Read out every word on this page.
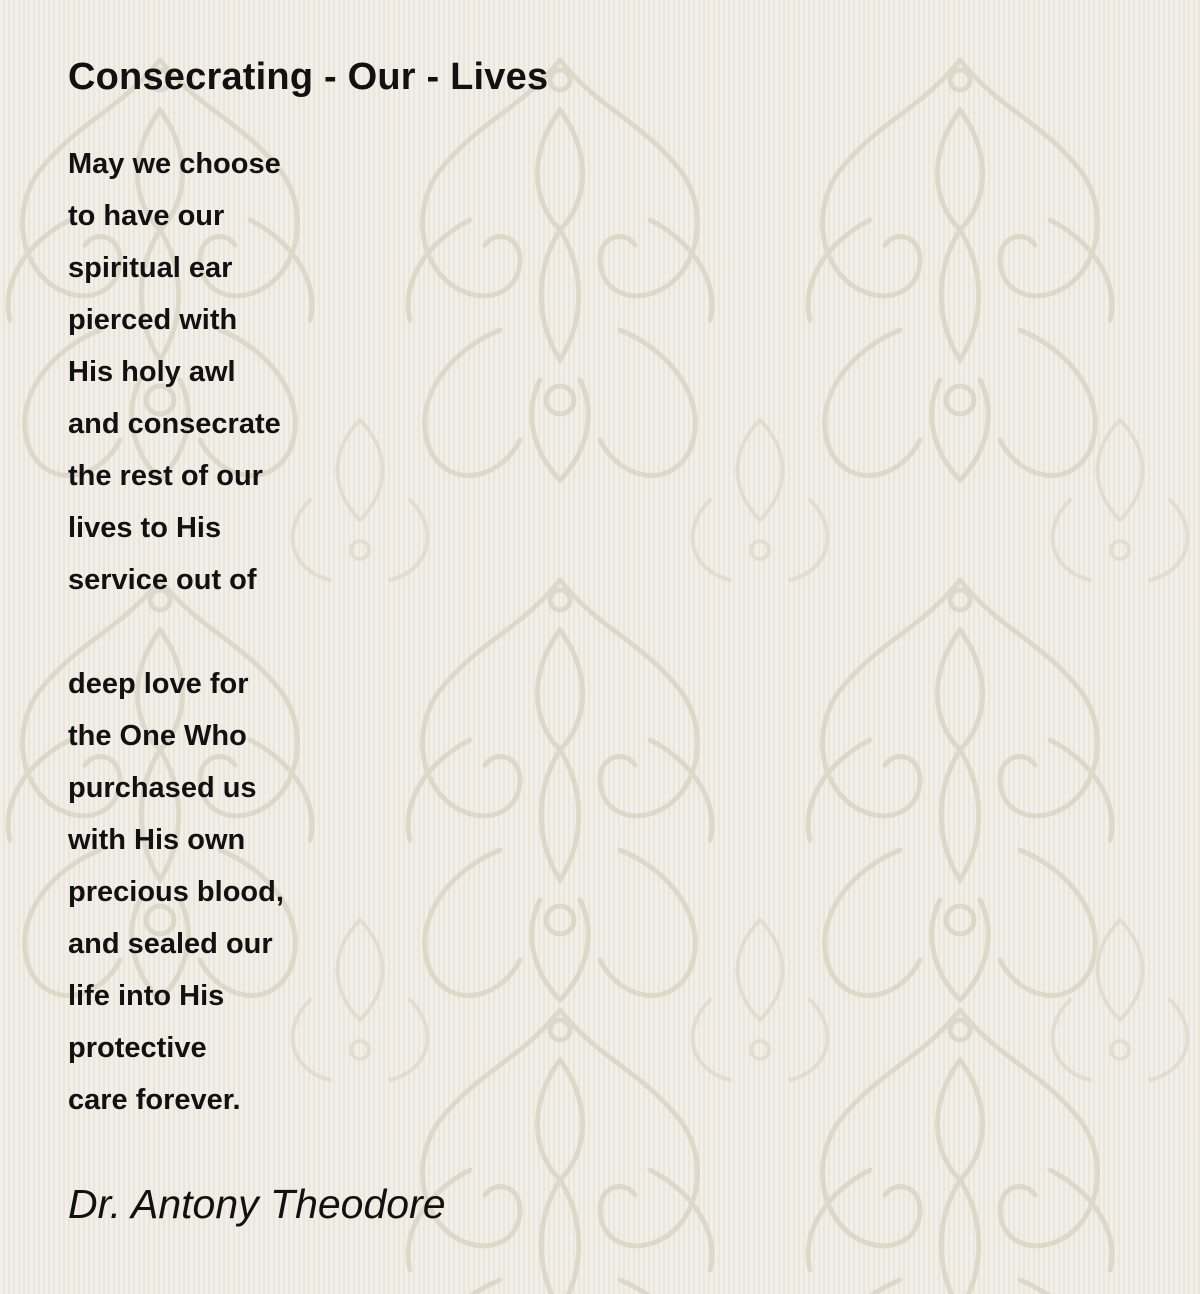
Consecrating - Our - Lives

May we choose
to have our
spiritual ear
pierced with
His holy awl
and consecrate
the rest of our
lives to His
service out of

deep love for
the One Who
purchased us
with His own
precious blood,
and sealed our
life into His
protective
care forever.

Dr. Antony Theodore
